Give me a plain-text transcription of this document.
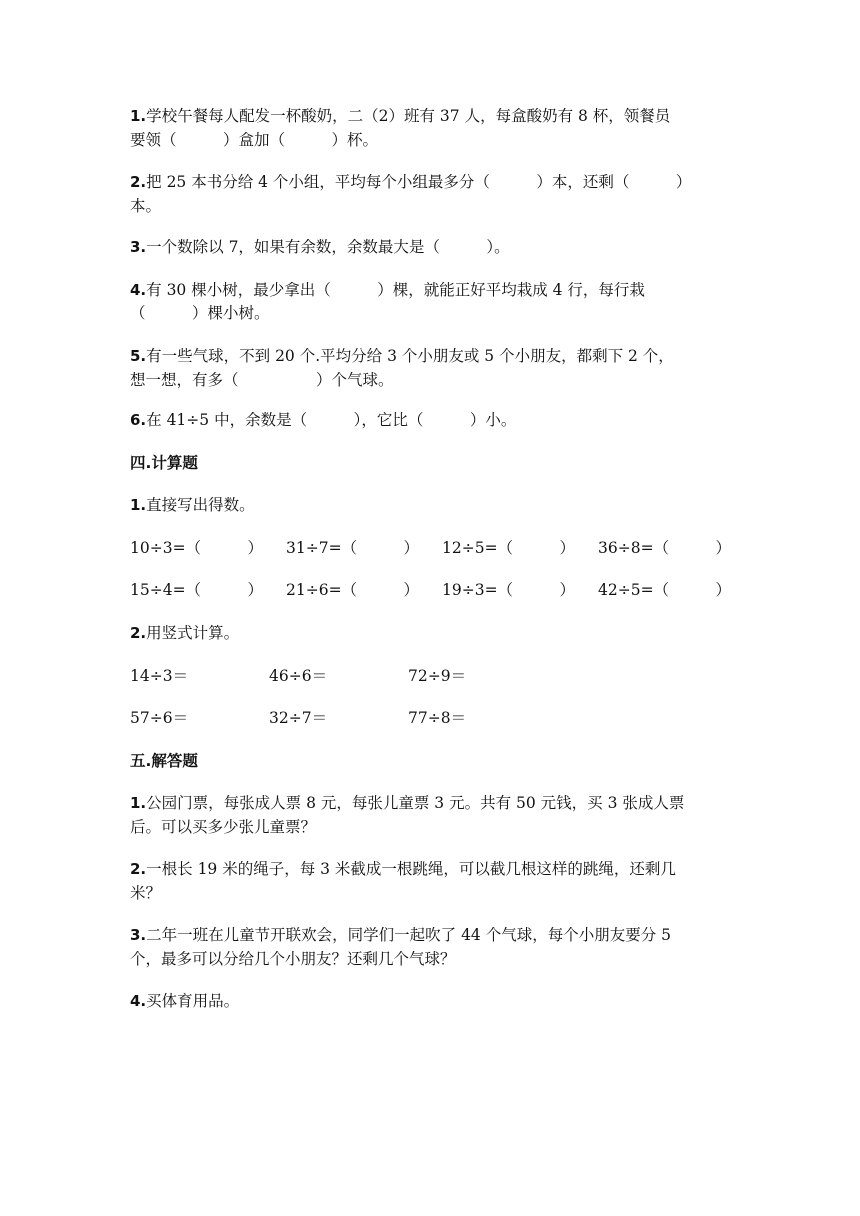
1.学校午餐每人配发一杯酸奶，二（2）班有 37 人，每盒酸奶有 8 杯，领餐员
要领（　　　）盒加（　　　）杯。
2.把 25 本书分给 4 个小组，平均每个小组最多分（　　　）本，还剩（　　　）
本。
3.一个数除以 7，如果有余数，余数最大是（　　　）。
4.有 30 棵小树，最少拿出（　　　）棵，就能正好平均栽成 4 行，每行栽
（　　　）棵小树。
5.有一些气球，不到 20 个.平均分给 3 个小朋友或 5 个小朋友，都剩下 2 个，
想一想，有多（　　　　　）个气球。
6.在 41÷5 中，余数是（　　　），它比（　　　）小。
四.计算题
1.直接写出得数。
10÷3=（　　　） 31÷7=（　　　） 12÷5=（　　　） 36÷8=（　　　）
15÷4=（　　　） 21÷6=（　　　） 19÷3=（　　　） 42÷5=（　　　）
2.用竖式计算。
14÷3＝	46÷6＝	72÷9＝
57÷6＝	32÷7＝	77÷8＝
五.解答题
1.公园门票，每张成人票 8 元，每张儿童票 3 元。共有 50 元钱，买 3 张成人票
后。可以买多少张儿童票？
2.一根长 19 米的绳子，每 3 米截成一根跳绳，可以截几根这样的跳绳，还剩几
米？
3.二年一班在儿童节开联欢会，同学们一起吹了 44 个气球，每个小朋友要分 5
个，最多可以分给几个小朋友？还剩几个气球？
4.买体育用品。
